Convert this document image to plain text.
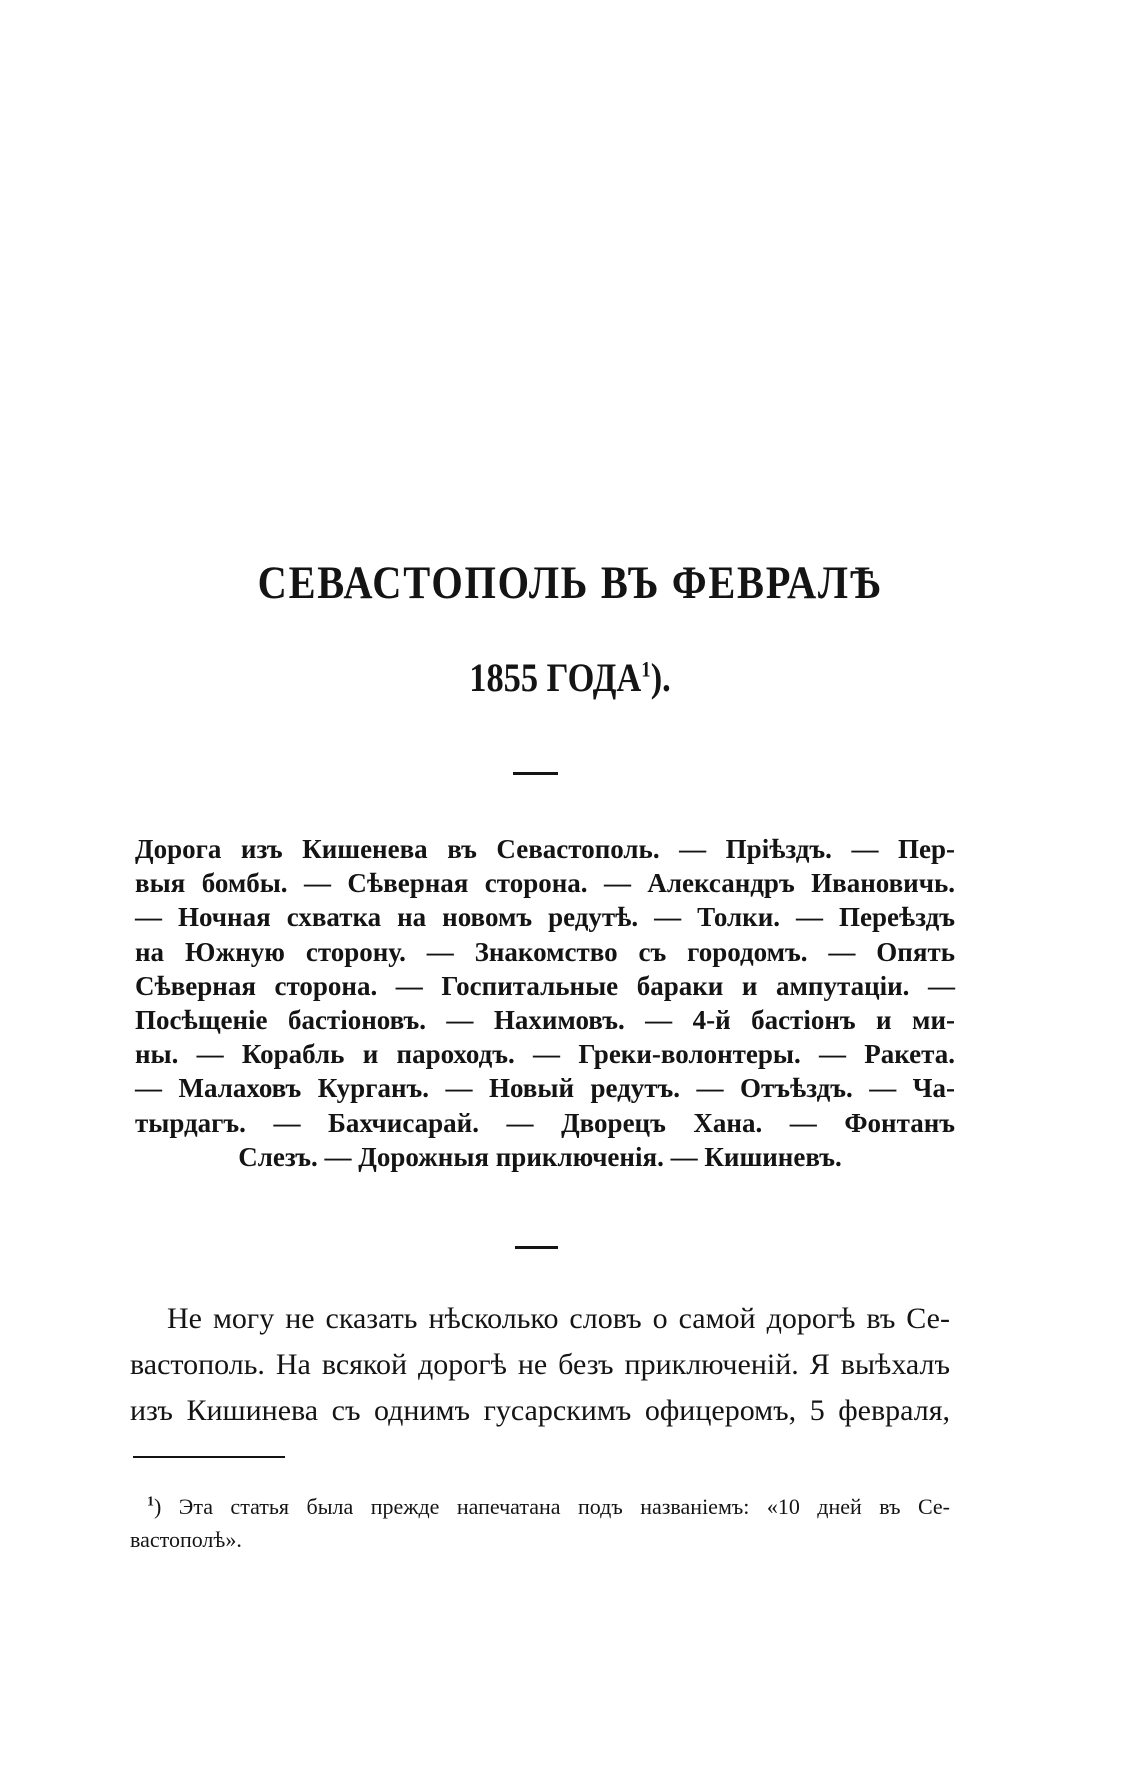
СЕВАСТОПОЛЬ ВЪ ФЕВРАЛѢ
1855 ГОДА$^1$).
Дорога изъ Кишенева въ Севастополь. — Пріѣздъ. — Пер-
выя бомбы. — Сѣверная сторона. — Александръ Ивановичь.
— Ночная схватка на новомъ редутѣ. — Толки. — Переѣздъ
на Южную сторону. — Знакомство съ городомъ. — Опять
Сѣверная сторона. — Госпитальные бараки и ампутаціи. —
Посѣщеніе бастіоновъ. — Нахимовъ. — 4-й бастіонъ и ми-
ны. — Корабль и пароходъ. — Греки-волонтеры. — Ракета.
— Малаховъ Курганъ. — Новый редутъ. — Отъѣздъ. — Ча-
тырдагъ. — Бахчисарай. — Дворецъ Хана. — Фонтанъ
Слезъ. — Дорожныя приключенія. — Кишиневъ.
Не могу не сказать нѣсколько словъ о самой дорогѣ въ Се-
вастополь. На всякой дорогѣ не безъ приключеній. Я выѣхалъ
изъ Кишинева съ однимъ гусарскимъ офицеромъ, 5 февраля,
$^1$) Эта статья была прежде напечатана подъ названіемъ: «10 дней въ Се-
вастополѣ».
